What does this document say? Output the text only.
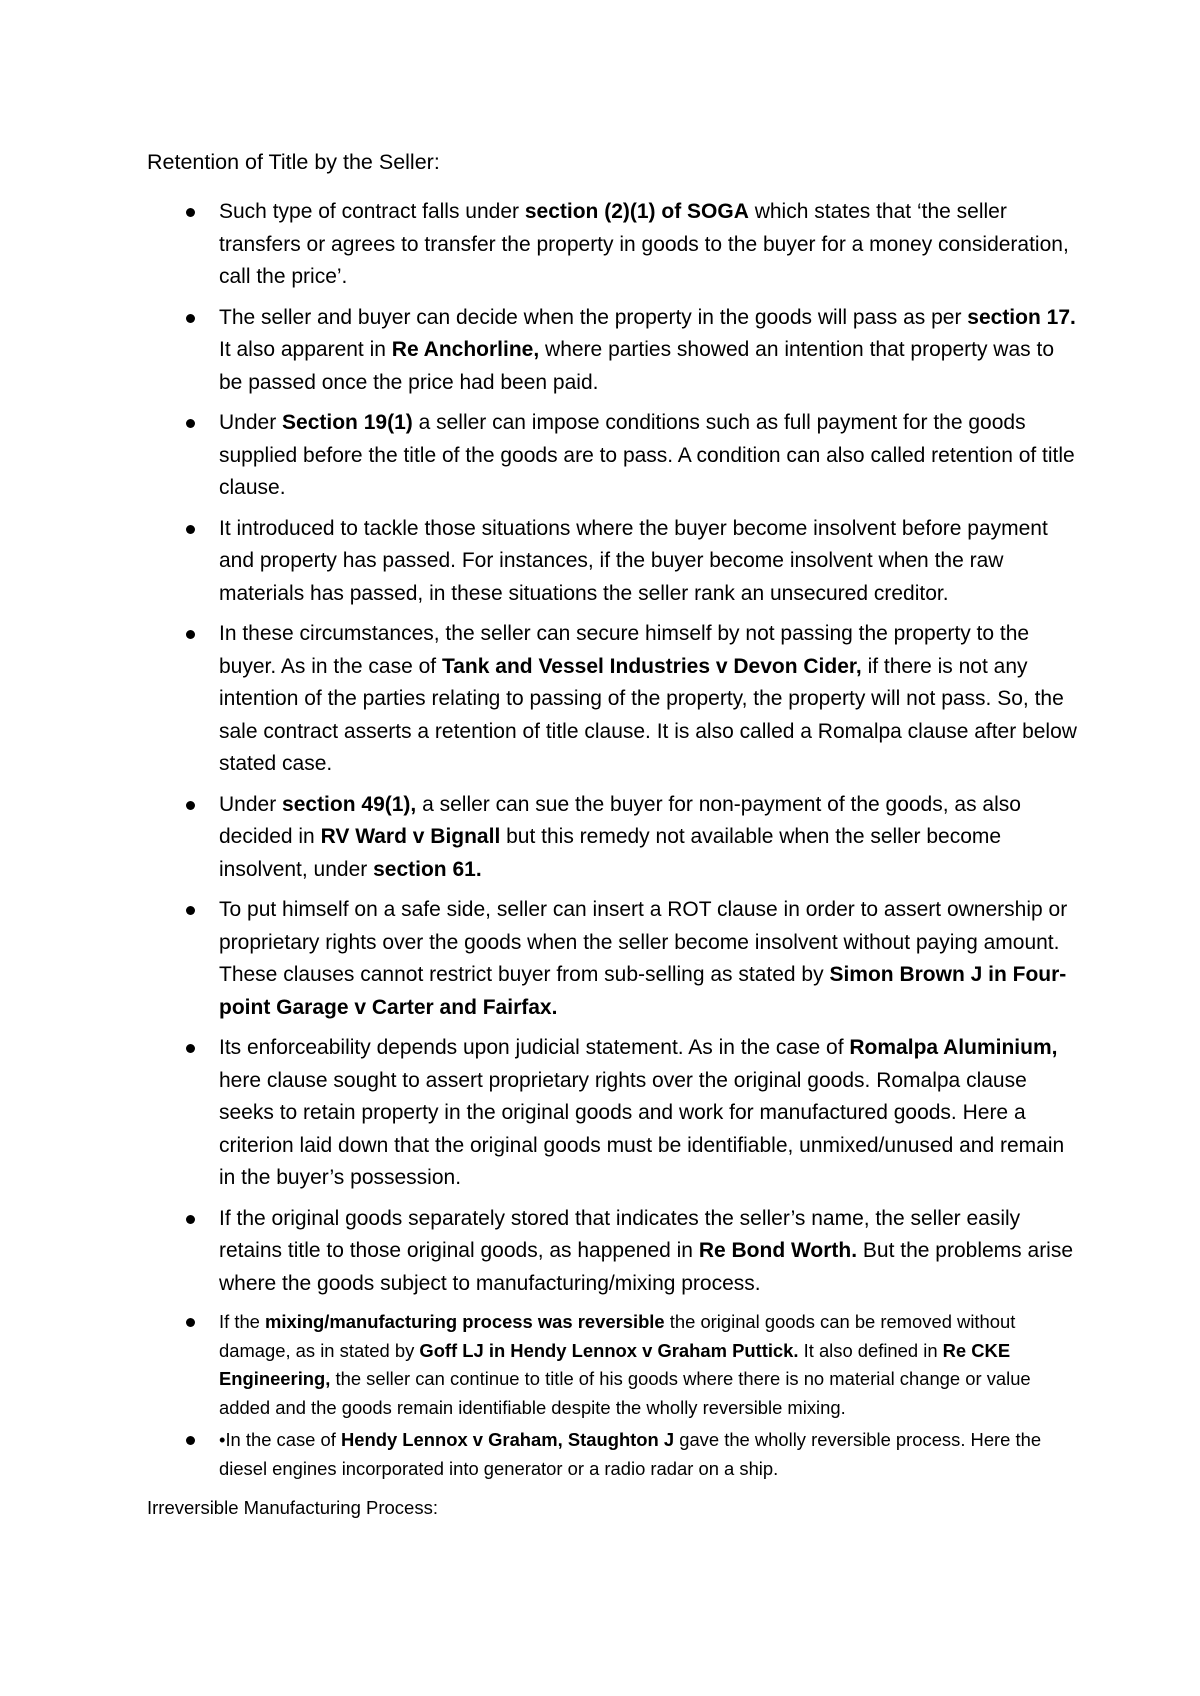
Retention of Title by the Seller:
Such type of contract falls under section (2)(1) of SOGA which states that ‘the seller transfers or agrees to transfer the property in goods to the buyer for a money consideration, call the price’.
The seller and buyer can decide when the property in the goods will pass as per section 17. It also apparent in Re Anchorline, where parties showed an intention that property was to be passed once the price had been paid.
Under Section 19(1) a seller can impose conditions such as full payment for the goods supplied before the title of the goods are to pass. A condition can also called retention of title clause.
It introduced to tackle those situations where the buyer become insolvent before payment and property has passed. For instances, if the buyer become insolvent when the raw materials has passed, in these situations the seller rank an unsecured creditor.
In these circumstances, the seller can secure himself by not passing the property to the buyer. As in the case of Tank and Vessel Industries v Devon Cider, if there is not any intention of the parties relating to passing of the property, the property will not pass. So, the sale contract asserts a retention of title clause. It is also called a Romalpa clause after below stated case.
Under section 49(1), a seller can sue the buyer for non-payment of the goods, as also decided in RV Ward v Bignall but this remedy not available when the seller become insolvent, under section 61.
To put himself on a safe side, seller can insert a ROT clause in order to assert ownership or proprietary rights over the goods when the seller become insolvent without paying amount. These clauses cannot restrict buyer from sub-selling as stated by Simon Brown J in Four-point Garage v Carter and Fairfax.
Its enforceability depends upon judicial statement. As in the case of Romalpa Aluminium, here clause sought to assert proprietary rights over the original goods. Romalpa clause seeks to retain property in the original goods and work for manufactured goods. Here a criterion laid down that the original goods must be identifiable, unmixed/unused and remain in the buyer’s possession.
If the original goods separately stored that indicates the seller’s name, the seller easily retains title to those original goods, as happened in Re Bond Worth. But the problems arise where the goods subject to manufacturing/mixing process.
If the mixing/manufacturing process was reversible the original goods can be removed without damage, as in stated by Goff LJ in Hendy Lennox v Graham Puttick. It also defined in Re CKE Engineering, the seller can continue to title of his goods where there is no material change or value added and the goods remain identifiable despite the wholly reversible mixing.
•In the case of Hendy Lennox v Graham, Staughton J gave the wholly reversible process. Here the diesel engines incorporated into generator or a radio radar on a ship.
Irreversible Manufacturing Process:
